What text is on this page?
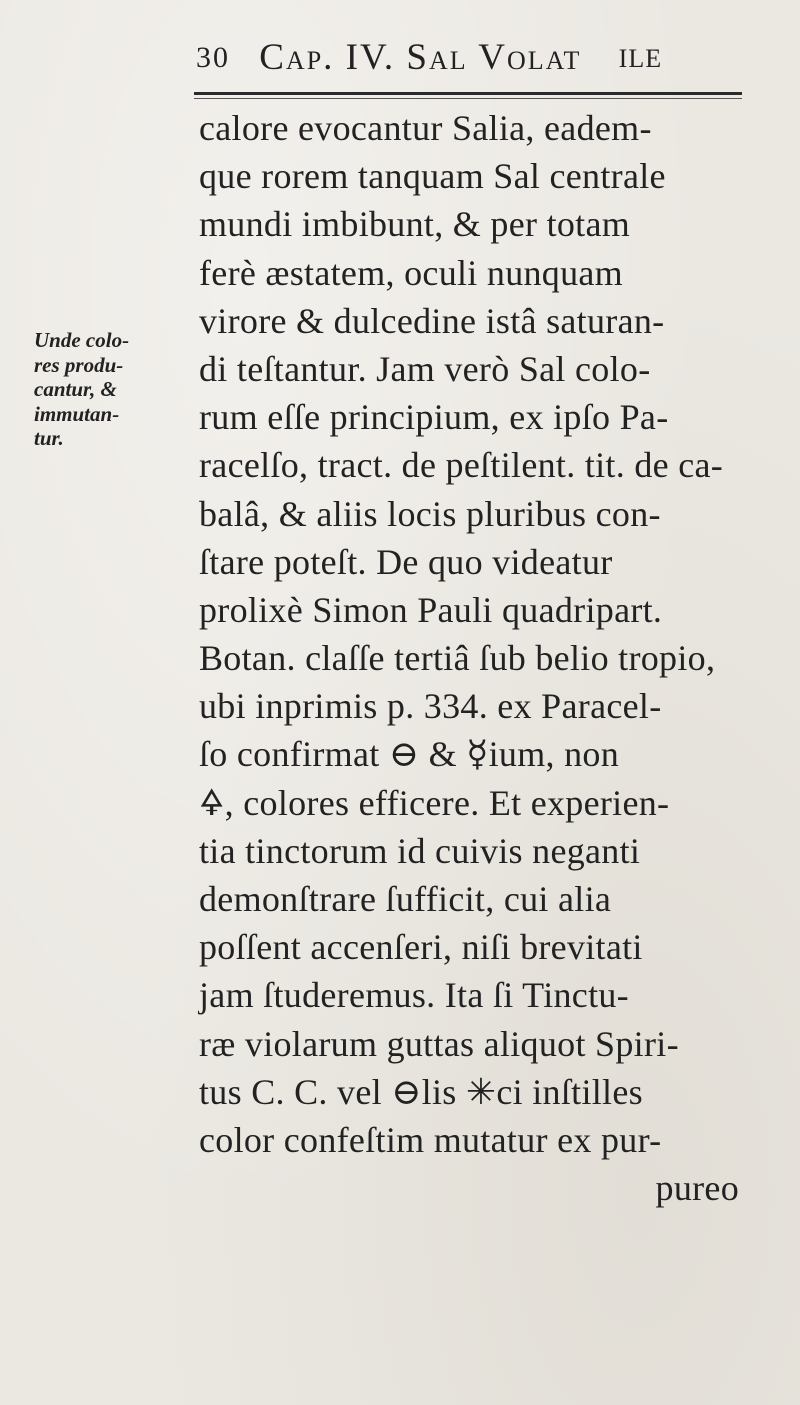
30 Cap. IV. Sal Volat ILE
Unde colo-
res produ-
cantur, &
immutan-
tur.
calore evocantur Salia, eadem-
que rorem tanquam Sal centrale
mundi imbibunt, & per totam
ferè æstatem, oculi nunquam
virore & dulcedine istâ saturan-
di teſtantur. Jam verò Sal colo-
rum eſſe principium, ex ipſo Pa-
racelſo, tract. de peſtilent. tit. de ca-
balâ, & aliis locis pluribus con-
ſtare poteſt. De quo videatur
prolixè Simon Pauli quadripart.
Botan. claſſe tertiâ ſub belio tropio,
ubi inprimis p. 334. ex Paracel-
ſo confirmat ⊖ & ☿ium, non
🜍, colores efficere. Et experien-
tia tinctorum id cuivis neganti
demonſtrare ſufficit, cui alia
poſſent accenſeri, niſi brevitati
jam ſtuderemus. Ita ſi Tinctu-
ræ violarum guttas aliquot Spiri-
tus C. C. vel ⊖lis ✳ci inſtilles
color confeſtim mutatur ex pur-
pureo
